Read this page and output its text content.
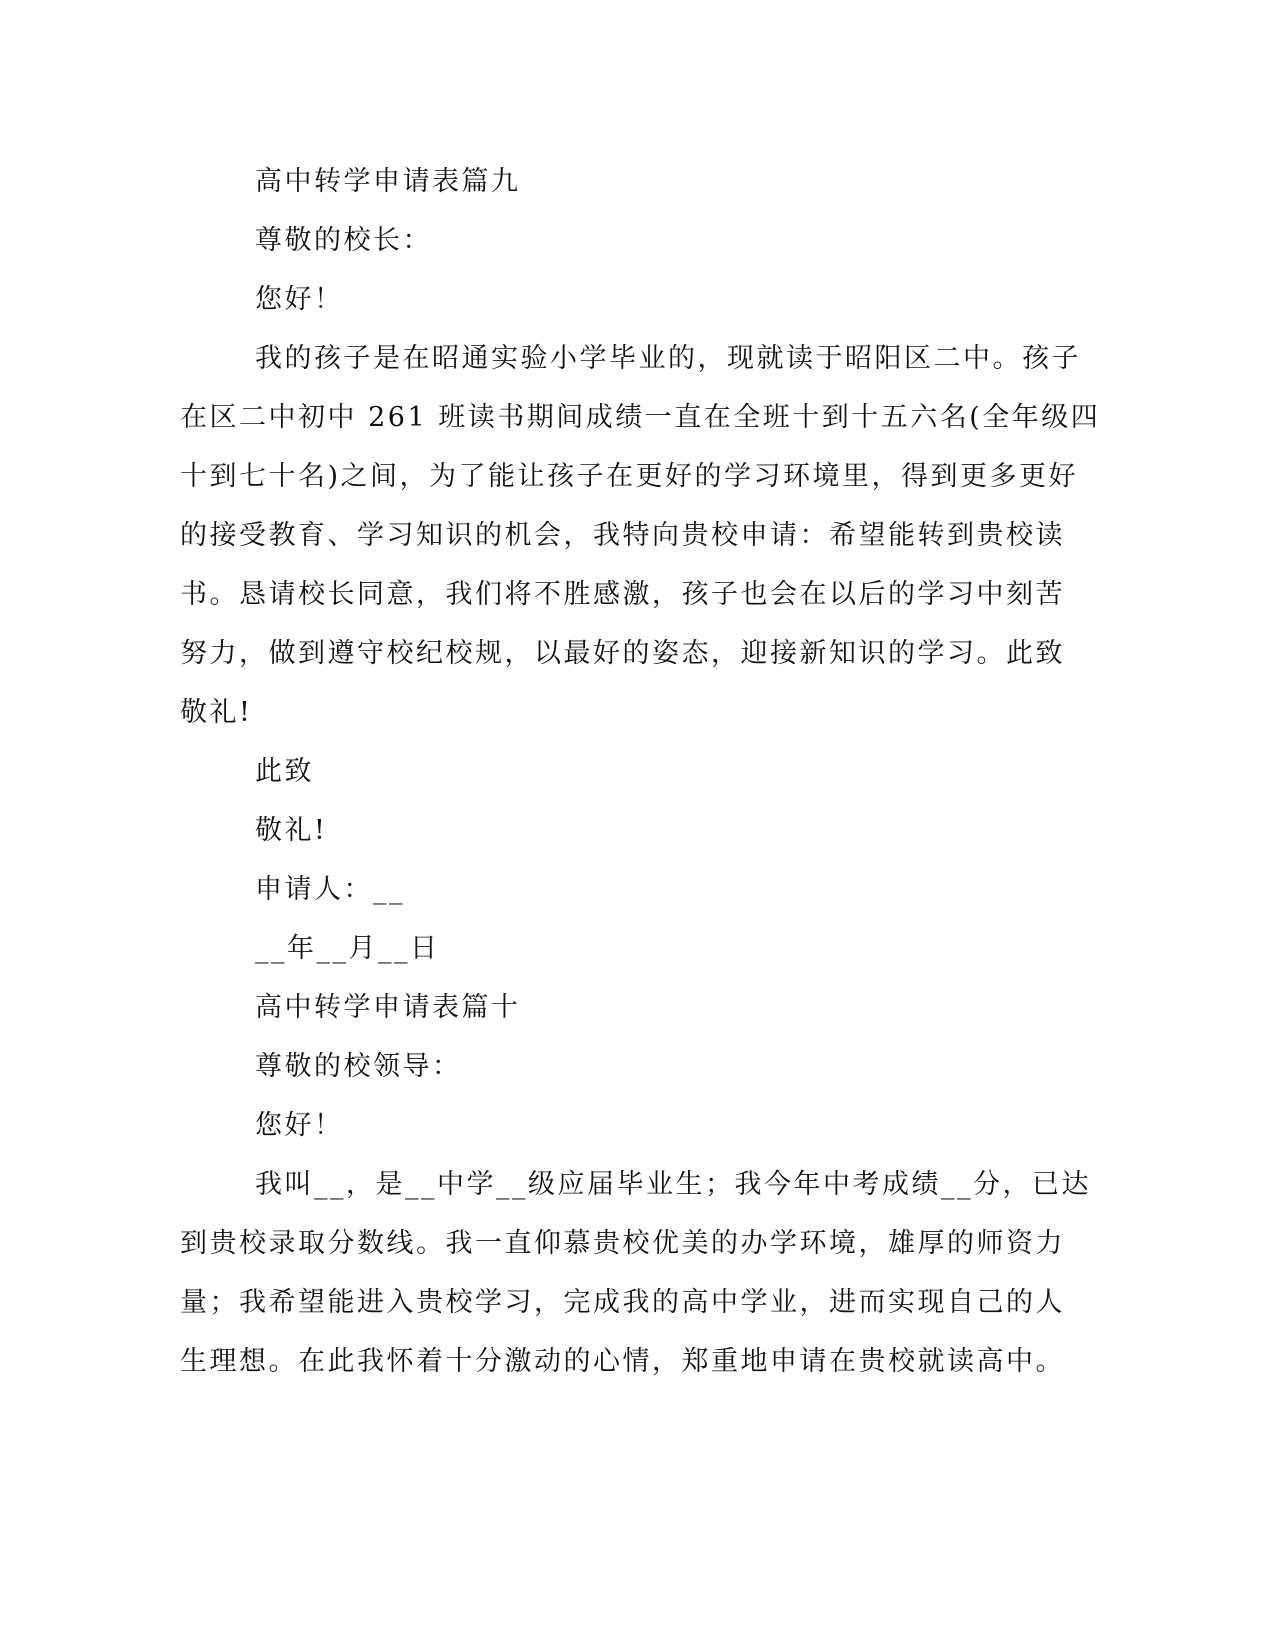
高中转学申请表篇九
尊敬的校长：
您好！
我的孩子是在昭通实验小学毕业的，现就读于昭阳区二中。孩子
在区二中初中 261 班读书期间成绩一直在全班十到十五六名(全年级四
十到七十名)之间，为了能让孩子在更好的学习环境里，得到更多更好
的接受教育、学习知识的机会，我特向贵校申请：希望能转到贵校读
书。恳请校长同意，我们将不胜感激，孩子也会在以后的学习中刻苦
努力，做到遵守校纪校规，以最好的姿态，迎接新知识的学习。此致
敬礼!
此致
敬礼!
申请人：__
__年__月__日
高中转学申请表篇十
尊敬的校领导：
您好！
我叫__，是__中学__级应届毕业生；我今年中考成绩__分，已达
到贵校录取分数线。我一直仰慕贵校优美的办学环境，雄厚的师资力
量；我希望能进入贵校学习，完成我的高中学业，进而实现自己的人
生理想。在此我怀着十分激动的心情，郑重地申请在贵校就读高中。
